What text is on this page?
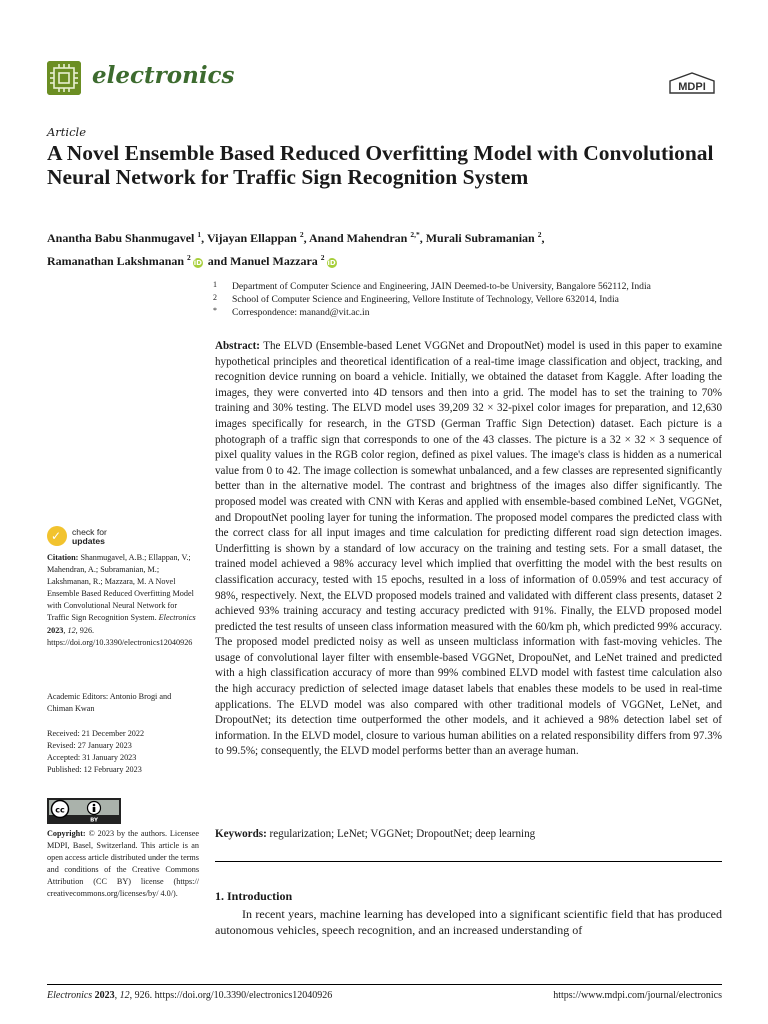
electronics	MDPI
Article
A Novel Ensemble Based Reduced Overfitting Model with Convolutional Neural Network for Traffic Sign Recognition System
Anantha Babu Shanmugavel $^1$, Vijayan Ellappan $^2$, Anand Mahendran $^{2,*}$, Murali Subramanian $^2$,
Ramanathan Lakshmanan $^2$iD and Manuel Mazzara $^2$iD
1 Department of Computer Science and Engineering, JAIN Deemed-to-be University, Bangalore 562112, India
2 School of Computer Science and Engineering, Vellore Institute of Technology, Vellore 632014, India
* Correspondence: manand@vit.ac.in
Abstract: The ELVD (Ensemble-based Lenet VGGNet and DropoutNet) model is used in this paper to examine hypothetical principles and theoretical identification of a real-time image classification and object, tracking, and recognition device running on board a vehicle. Initially, we obtained the dataset from Kaggle. After loading the images, they were converted into 4D tensors and then into a grid. The model has to set the training to 70% training and 30% testing. The ELVD model uses 39,209 32 × 32-pixel color images for preparation, and 12,630 images specifically for research, in the GTSD (German Traffic Sign Detection) dataset. Each picture is a photograph of a traffic sign that corresponds to one of the 43 classes. The picture is a 32 × 32 × 3 sequence of pixel quality values in the RGB color region, defined as pixel values. The image's class is hidden as a numerical value from 0 to 42. The image collection is somewhat unbalanced, and a few classes are represented significantly better than in the alternative model. The contrast and brightness of the images also differ significantly. The proposed model was created with CNN with Keras and applied with ensemble-based combined LeNet, VGGNet, and DropoutNet pooling layer for tuning the information. The proposed model compares the predicted class with the correct class for all input images and time calculation for predicting different road sign detection images. Underfitting is shown by a standard of low accuracy on the training and testing sets. For a small dataset, the trained model achieved a 98% accuracy level which implied that overfitting the model with the best results on classification accuracy, tested with 15 epochs, resulted in a loss of information of 0.059% and test accuracy of 98%, respectively. Next, the ELVD proposed models trained and validated with different class presents, dataset 2 achieved 93% training accuracy and testing accuracy predicted with 91%. Finally, the ELVD proposed model predicted the test results of unseen class information measured with the 60/km ph, which predicted 99% accuracy. The proposed model predicted noisy as well as unseen multiclass information with fast-moving vehicles. The usage of convolutional layer filter with ensemble-based VGGNet, DropouNet, and LeNet trained and predicted with a high classification accuracy of more than 99% combined ELVD model with fastest time calculation also the high accuracy prediction of selected image dataset labels that enables these models to be used in real-time applications. The ELVD model was also compared with other traditional models of VGGNet, LeNet, and DropoutNet; its detection time outperformed the other models, and it achieved a 98% detection label set of information. In the ELVD model, closure to various human abilities on a related responsibility differs from 97.3% to 99.5%; consequently, the ELVD model performs better than an average human.
Keywords: regularization; LeNet; VGGNet; DropoutNet; deep learning
1. Introduction
In recent years, machine learning has developed into a significant scientific field that has produced autonomous vehicles, speech recognition, and an increased understanding of
✓ check for
updates
Citation: Shanmugavel, A.B.; Ellappan, V.; Mahendran, A.; Subramanian, M.; Lakshmanan, R.; Mazzara, M. A Novel Ensemble Based Reduced Overfitting Model with Convolutional Neural Network for Traffic Sign Recognition System. Electronics 2023, 12, 926. https://doi.org/10.3390/electronics12040926
Academic Editors: Antonio Brogi and Chiman Kwan
Received: 21 December 2022
Revised: 27 January 2023
Accepted: 31 January 2023
Published: 12 February 2023
cc
BY
Copyright: © 2023 by the authors. Licensee MDPI, Basel, Switzerland. This article is an open access article distributed under the terms and conditions of the Creative Commons Attribution (CC BY) license (https:// creativecommons.org/licenses/by/ 4.0/).
Electronics 2023, 12, 926. https://doi.org/10.3390/electronics12040926	https://www.mdpi.com/journal/electronics
